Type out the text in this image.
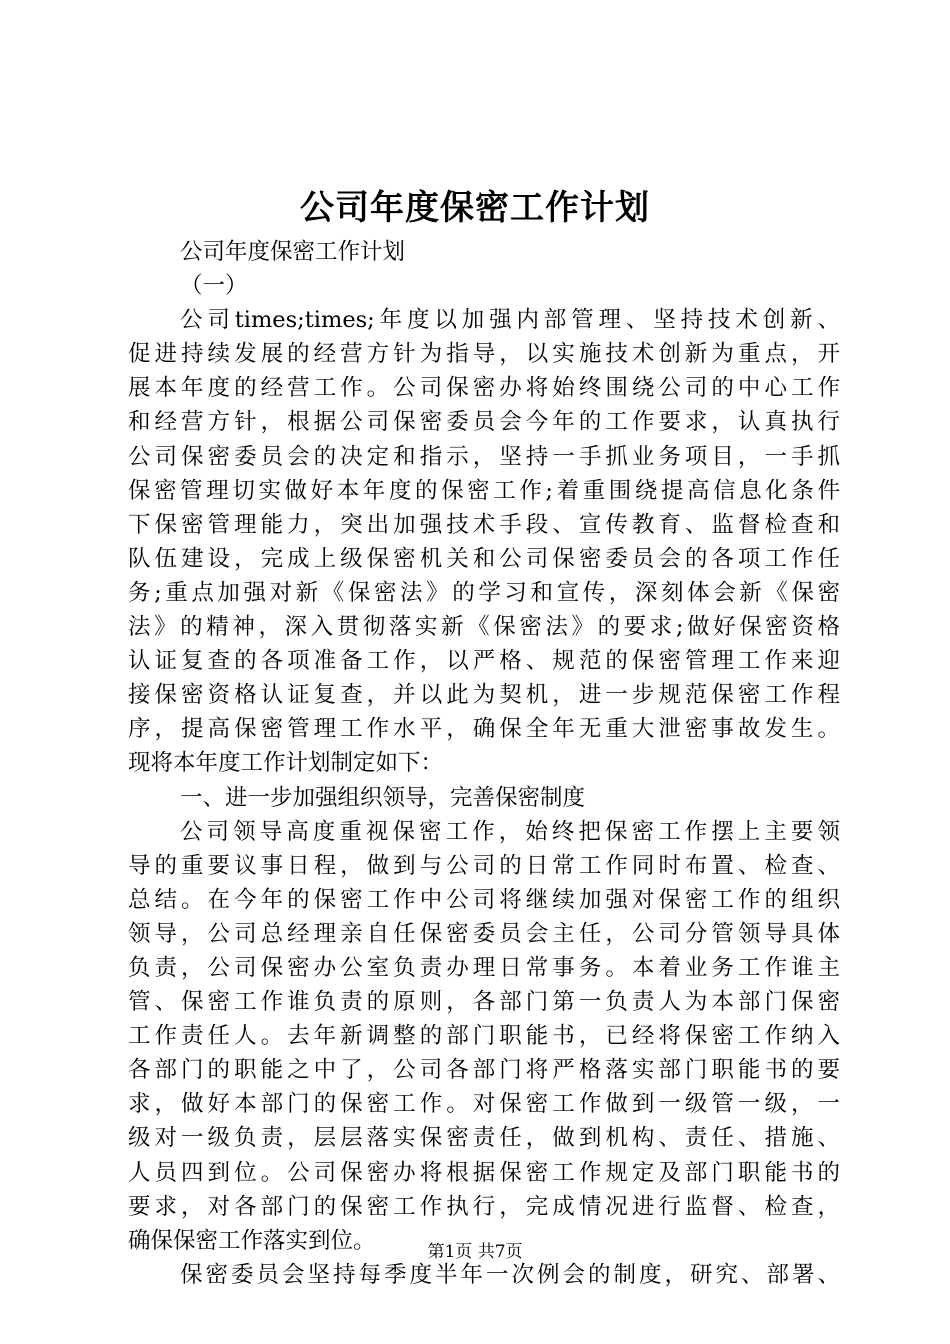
公司年度保密工作计划
公司年度保密工作计划
（一）
公司times;times;年度以加强内部管理、坚持技术创新、
促进持续发展的经营方针为指导，以实施技术创新为重点，开
展本年度的经营工作。公司保密办将始终围绕公司的中心工作
和经营方针，根据公司保密委员会今年的工作要求，认真执行
公司保密委员会的决定和指示，坚持一手抓业务项目，一手抓
保密管理切实做好本年度的保密工作;着重围绕提高信息化条件
下保密管理能力，突出加强技术手段、宣传教育、监督检查和
队伍建设，完成上级保密机关和公司保密委员会的各项工作任
务;重点加强对新《保密法》的学习和宣传，深刻体会新《保密
法》的精神，深入贯彻落实新《保密法》的要求;做好保密资格
认证复查的各项准备工作，以严格、规范的保密管理工作来迎
接保密资格认证复查，并以此为契机，进一步规范保密工作程
序，提高保密管理工作水平，确保全年无重大泄密事故发生。
现将本年度工作计划制定如下：
一、进一步加强组织领导，完善保密制度
公司领导高度重视保密工作，始终把保密工作摆上主要领
导的重要议事日程，做到与公司的日常工作同时布置、检查、
总结。在今年的保密工作中公司将继续加强对保密工作的组织
领导，公司总经理亲自任保密委员会主任，公司分管领导具体
负责，公司保密办公室负责办理日常事务。本着业务工作谁主
管、保密工作谁负责的原则，各部门第一负责人为本部门保密
工作责任人。去年新调整的部门职能书，已经将保密工作纳入
各部门的职能之中了，公司各部门将严格落实部门职能书的要
求，做好本部门的保密工作。对保密工作做到一级管一级，一
级对一级负责，层层落实保密责任，做到机构、责任、措施、
人员四到位。公司保密办将根据保密工作规定及部门职能书的
要求，对各部门的保密工作执行，完成情况进行监督、检查，
确保保密工作落实到位。
保密委员会坚持每季度半年一次例会的制度，研究、部署、
第1页 共7页
